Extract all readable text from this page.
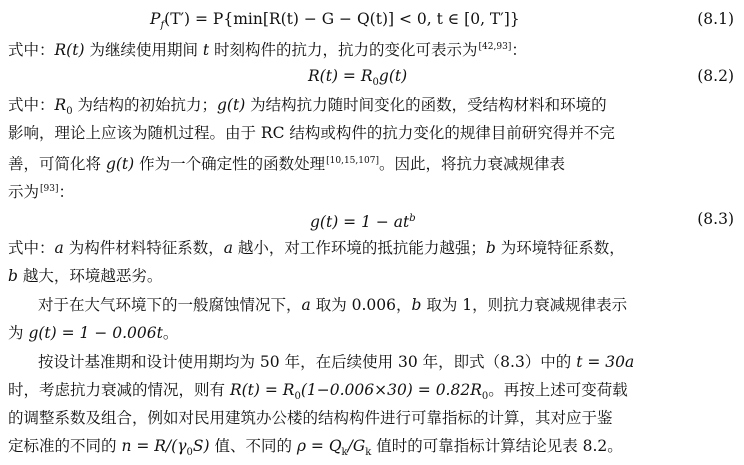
$P_f(T') = P\{\min[R(t) - G - Q(t)] < 0$, t ∈ [0, T′]}	(8.1)
式中：R(t) 为继续使用期间 t 时刻构件的抗力，抗力的变化可表示为[42,93]：
$R(t) = R_0g(t)$	(8.2)
式中：$R_0$ 为结构的初始抗力；g(t) 为结构抗力随时间变化的函数，受结构材料和环境的
影响，理论上应该为随机过程。由于 RC 结构或构件的抗力变化的规律目前研究得并不完
善，可简化将 g(t) 作为一个确定性的函数处理[10,15,107]。因此，将抗力衰减规律表
示为[93]：
$g(t) = 1 - at^b$	(8.3)
式中：a 为构件材料特征系数，a 越小，对工作环境的抵抗能力越强；b 为环境特征系数，
b 越大，环境越恶劣。
对于在大气环境下的一般腐蚀情况下，a 取为 0.006，b 取为 1，则抗力衰减规律表示
为 g(t) = 1 − 0.006t。
按设计基准期和设计使用期均为 50 年，在后续使用 30 年，即式（8.3）中的 t = 30a
时，考虑抗力衰减的情况，则有 $R(t) = R_0(1-0.006\times 30) = 0.82R_0$。再按上述可变荷载
的调整系数及组合，例如对民用建筑办公楼的结构构件进行可靠指标的计算，其对应于鉴
定标准的不同的 $n = R/(\gamma_0S)$ 值、不同的 $\rho = Q_k/G_k$ 值时的可靠指标计算结论见表 8.2。
